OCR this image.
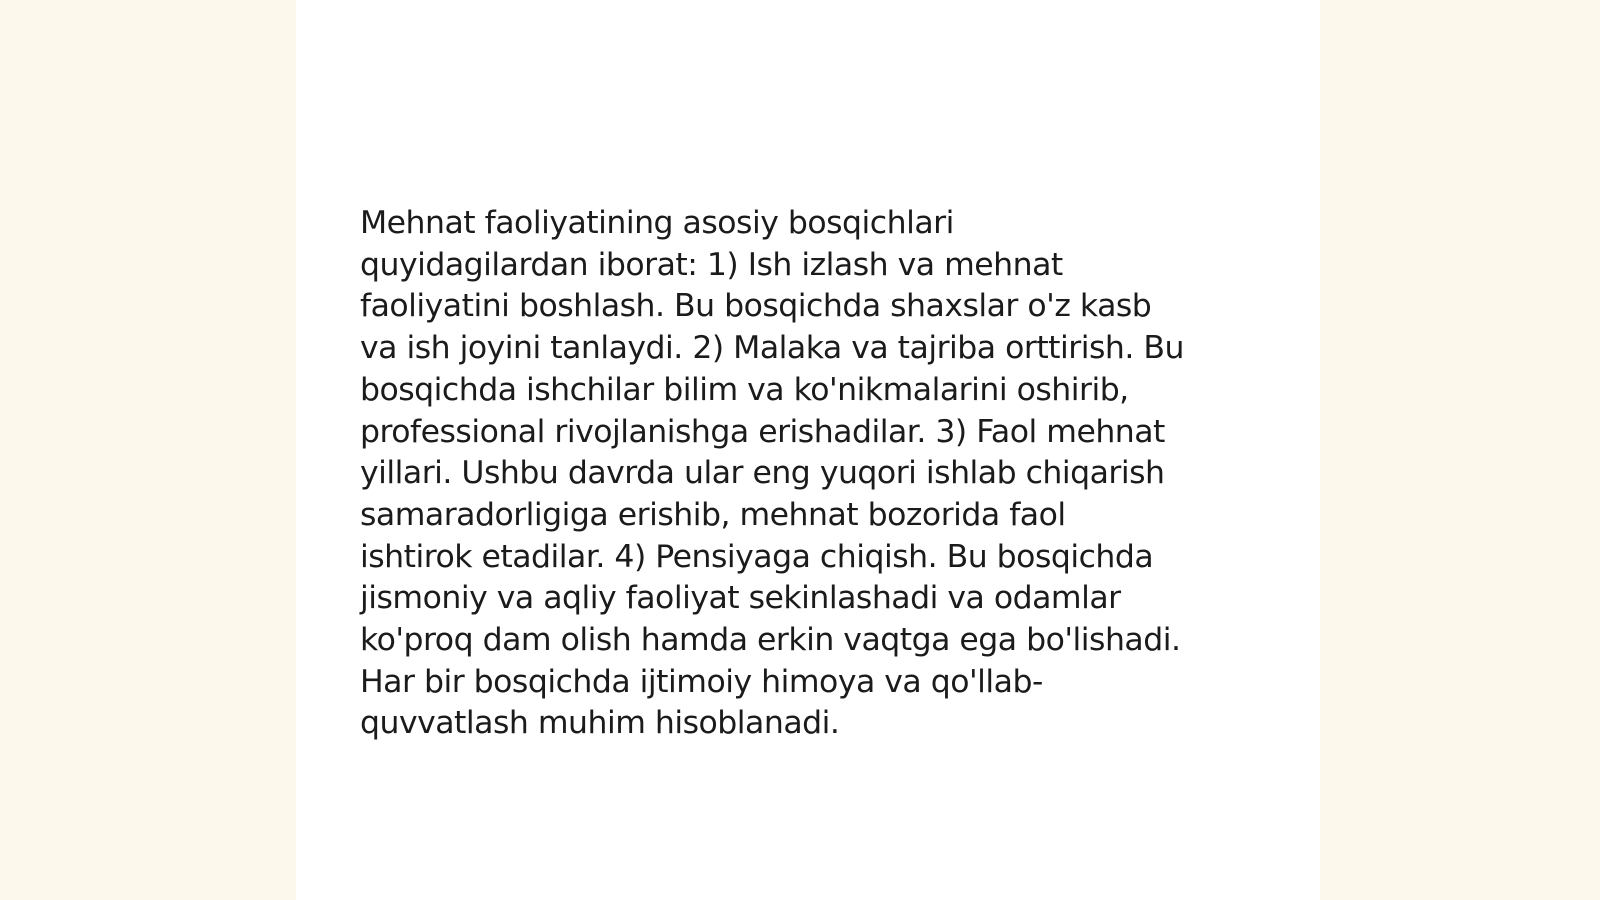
Mehnat faoliyatining asosiy bosqichlari
quyidagilardan iborat: 1) Ish izlash va mehnat
faoliyatini boshlash. Bu bosqichda shaxslar o'z kasb
va ish joyini tanlaydi. 2) Malaka va tajriba orttirish. Bu
bosqichda ishchilar bilim va ko'nikmalarini oshirib,
professional rivojlanishga erishadilar. 3) Faol mehnat
yillari. Ushbu davrda ular eng yuqori ishlab chiqarish
samaradorligiga erishib, mehnat bozorida faol
ishtirok etadilar. 4) Pensiyaga chiqish. Bu bosqichda
jismoniy va aqliy faoliyat sekinlashadi va odamlar
ko'proq dam olish hamda erkin vaqtga ega bo'lishadi.
Har bir bosqichda ijtimoiy himoya va qo'llab-
quvvatlash muhim hisoblanadi.
